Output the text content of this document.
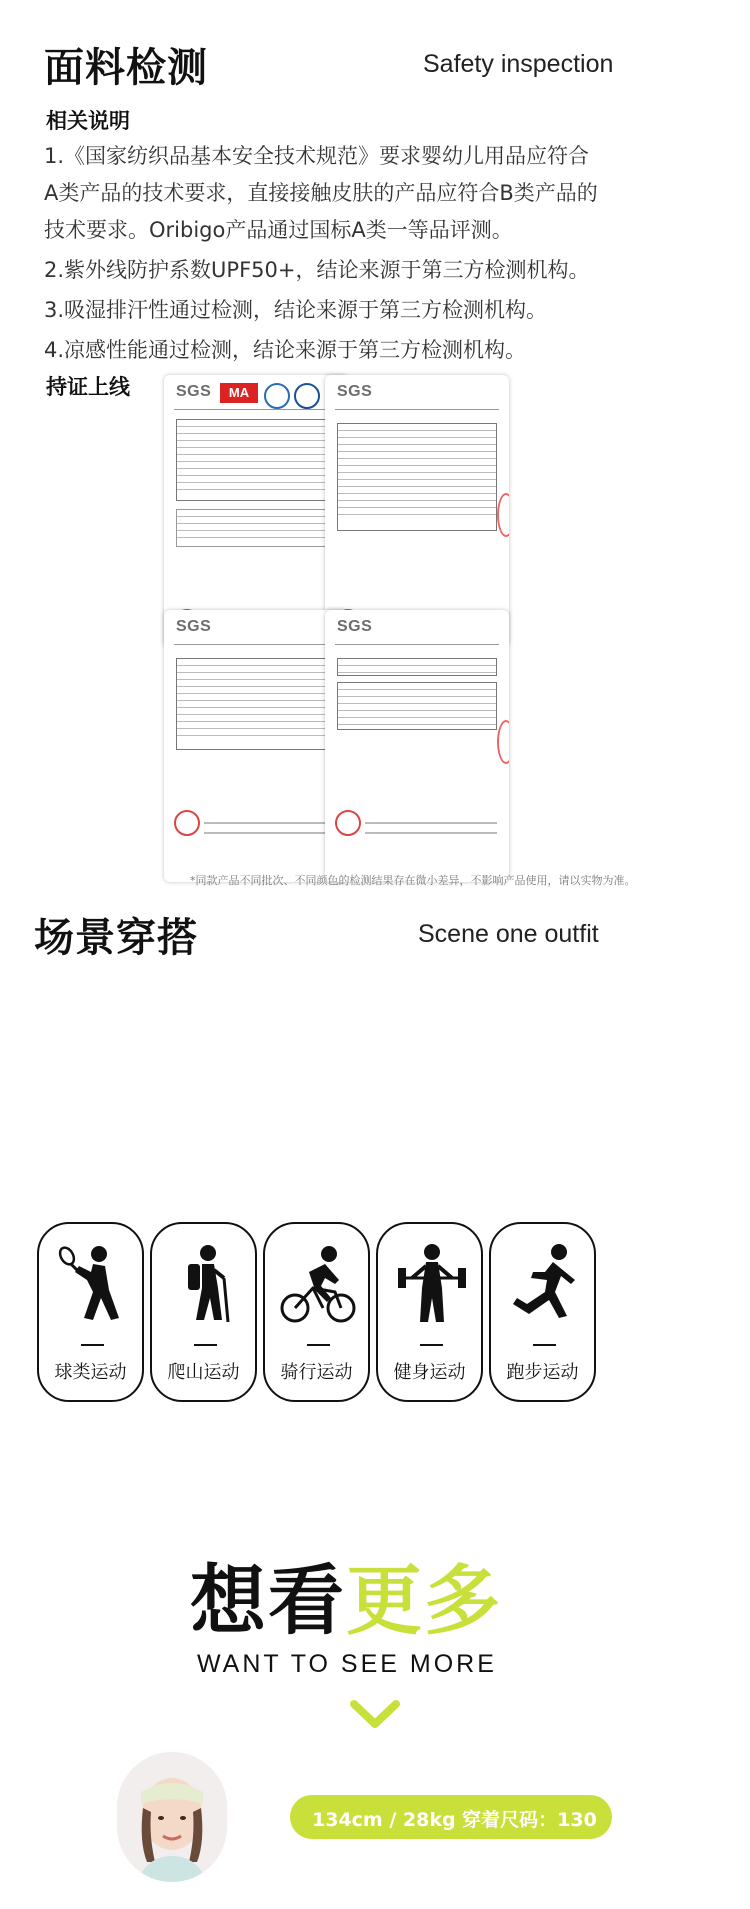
面料检测	Safety inspection
相关说明
1.《国家纺织品基本安全技术规范》要求婴幼儿用品应符合
A类产品的技术要求，直接接触皮肤的产品应符合B类产品的
技术要求。Oribigo产品通过国标A类一等品评测。
2.紫外线防护系数UPF50+，结论来源于第三方检测机构。
3.吸湿排汗性通过检测，结论来源于第三方检测机构。
4.凉感性能通过检测，结论来源于第三方检测机构。
持证上线	SGS	MA	SGS
SGS	SGS
*同款产品不同批次、不同颜色的检测结果存在微小差异，不影响产品使用，请以实物为准。
场景穿搭	Scene one outfit
球类运动	爬山运动	骑行运动	健身运动	跑步运动
想看更多
WANT TO SEE MORE
134cm / 28kg 穿着尺码：130
